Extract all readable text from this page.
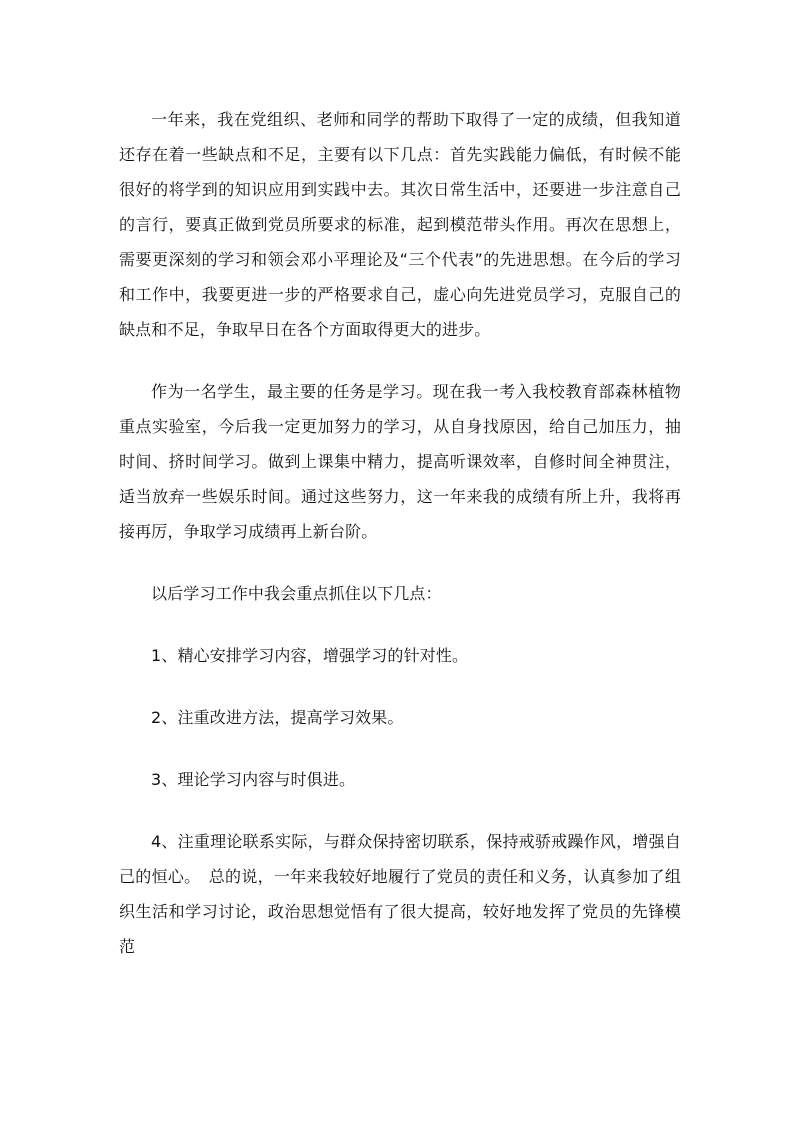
一年来，我在党组织、老师和同学的帮助下取得了一定的成绩，但我知道还存在着一些缺点和不足，主要有以下几点：首先实践能力偏低，有时候不能很好的将学到的知识应用到实践中去。其次日常生活中，还要进一步注意自己的言行，要真正做到党员所要求的标准，起到模范带头作用。再次在思想上，需要更深刻的学习和领会邓小平理论及“三个代表”的先进思想。在今后的学习和工作中，我要更进一步的严格要求自己，虚心向先进党员学习，克服自己的缺点和不足，争取早日在各个方面取得更大的进步。

作为一名学生，最主要的任务是学习。现在我一考入我校教育部森林植物重点实验室，今后我一定更加努力的学习，从自身找原因，给自己加压力，抽时间、挤时间学习。做到上课集中精力，提高听课效率，自修时间全神贯注，适当放弃一些娱乐时间。通过这些努力，这一年来我的成绩有所上升，我将再接再厉，争取学习成绩再上新台阶。

以后学习工作中我会重点抓住以下几点：

1、精心安排学习内容，增强学习的针对性。

2、注重改进方法，提高学习效果。

3、理论学习内容与时俱进。

4、注重理论联系实际，与群众保持密切联系，保持戒骄戒躁作风，增强自己的恒心。　总的说，一年来我较好地履行了党员的责任和义务，认真参加了组织生活和学习讨论，政治思想觉悟有了很大提高，较好地发挥了党员的先锋模范
